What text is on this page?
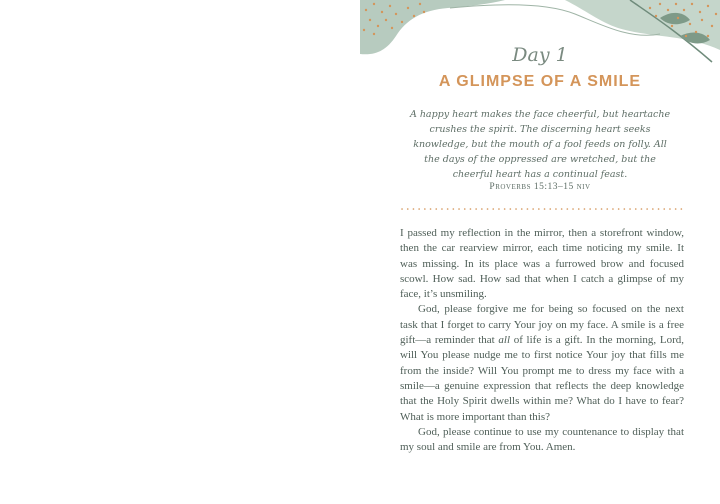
Day 1
A GLIMPSE OF A SMILE
A happy heart makes the face cheerful, but heartache crushes the spirit. The discerning heart seeks knowledge, but the mouth of a fool feeds on folly. All the days of the oppressed are wretched, but the cheerful heart has a continual feast.
Proverbs 15:13–15 niv

I passed my reflection in the mirror, then a storefront window, then the car rearview mirror, each time noticing my smile. It was missing. In its place was a furrowed brow and focused scowl. How sad. How sad that when I catch a glimpse of my face, it’s unsmiling.

God, please forgive me for being so focused on the next task that I forget to carry Your joy on my face. A smile is a free gift—a reminder that all of life is a gift. In the morning, Lord, will You please nudge me to first notice Your joy that fills me from the inside? Will You prompt me to dress my face with a smile—a genuine expression that reflects the deep knowledge that the Holy Spirit dwells within me? What do I have to fear? What is more important than this?

God, please continue to use my countenance to display that my soul and smile are from You. Amen.
